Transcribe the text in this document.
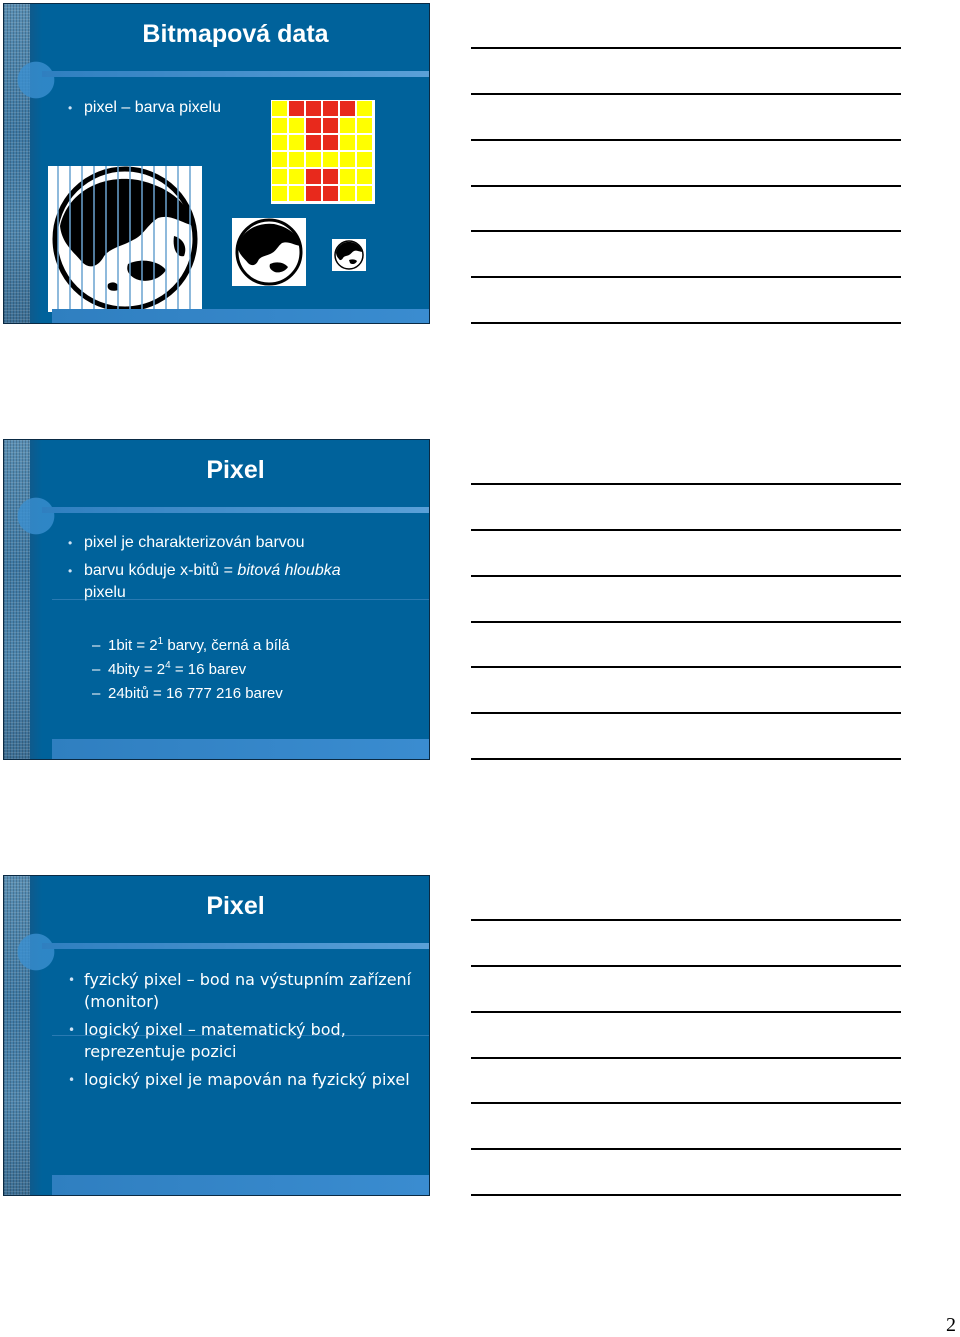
Bitmapová data
• pixel – barva pixelu
Pixel
• pixel je charakterizován barvou
• barvu kóduje x-bitů = bitová hloubka
pixelu
– $1bit = 2^1$ barvy, černá a bílá
– 4bity = $2^4 = 16$ barev
– 24bitů = 16 777 216 barev
Pixel
• fyzický pixel – bod na výstupním zařízení (monitor)
• logický pixel – matematický bod, reprezentuje pozici
• logický pixel je mapován na fyzický pixel
2
